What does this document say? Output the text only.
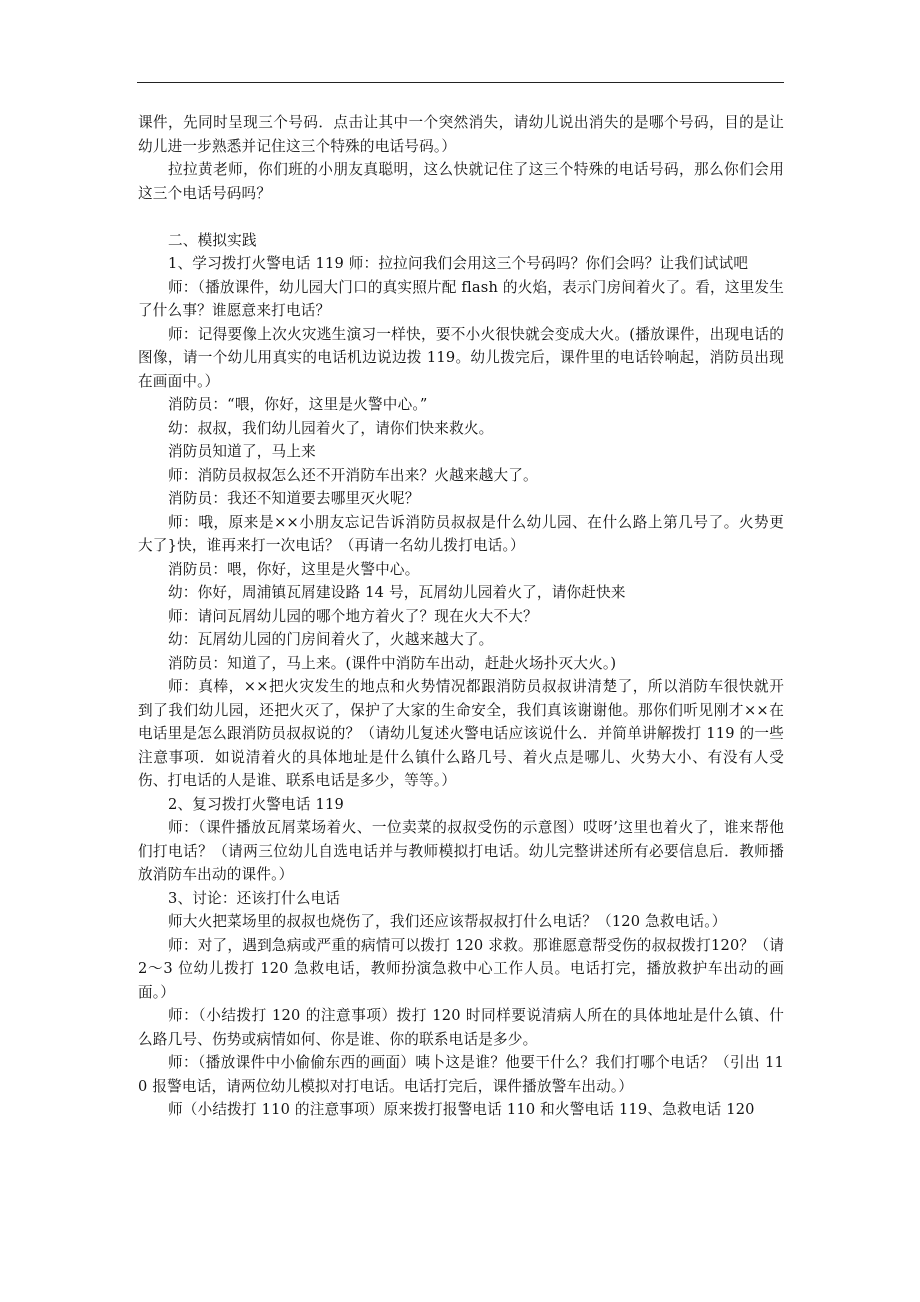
课件，先同时呈现三个号码．点击让其中一个突然消失，请幼儿说出消失的是哪个号码，目的是让幼儿进一步熟悉并记住这三个特殊的电话号码。）

拉拉黄老师，你们班的小朋友真聪明，这么快就记住了这三个特殊的电话号码，那么你们会用这三个电话号码吗？

二、模拟实践

1、学习拨打火警电话 119 师：拉拉问我们会用这三个号码吗？你们会吗？让我们试试吧

师：（播放课件，幼儿园大门口的真实照片配 flash 的火焰，表示门房间着火了。看，这里发生了什么事？谁愿意来打电话？

师：记得要像上次火灾逃生演习一样快，要不小火很快就会变成大火。(播放课件，出现电话的图像，请一个幼儿用真实的电话机边说边拨 119。幼儿拨完后，课件里的电话铃响起，消防员出现在画面中。）

消防员：“喂，你好，这里是火警中心。”

幼：叔叔，我们幼儿园着火了，请你们快来救火。

消防员知道了，马上来

师：消防员叔叔怎么还不开消防车出来？火越来越大了。

消防员：我还不知道要去哪里灭火呢？

师：哦，原来是××小朋友忘记告诉消防员叔叔是什么幼儿园、在什么路上第几号了。火势更大了}快，谁再来打一次电话？（再请一名幼儿拨打电话。）

消防员：喂，你好，这里是火警中心。

幼：你好，周浦镇瓦屑建设路 14 号，瓦屑幼儿园着火了，请你赶快来

师：请问瓦屑幼儿园的哪个地方着火了？现在火大不大？

幼：瓦屑幼儿园的门房间着火了，火越来越大了。

消防员：知道了，马上来。(课件中消防车出动，赶赴火场扑灭大火。)

师：真棒，××把火灾发生的地点和火势情况都跟消防员叔叔讲清楚了，所以消防车很快就开到了我们幼儿园，还把火灭了，保护了大家的生命安全，我们真该谢谢他。那你们听见刚才××在电话里是怎么跟消防员叔叔说的？（请幼儿复述火警电话应该说什么．并简单讲解拨打 119 的一些注意事项．如说清着火的具体地址是什么镇什么路几号、着火点是哪儿、火势大小、有没有人受伤、打电话的人是谁、联系电话是多少，等等。）

2、复习拨打火警电话 119

师：（课件播放瓦屑菜场着火、一位卖菜的叔叔受伤的示意图）哎呀’这里也着火了，谁来帮他们打电话？（请两三位幼儿自选电话并与教师模拟打电话。幼儿完整讲述所有必要信息后．教师播放消防车出动的课件。）

3、讨论：还该打什么电话

师大火把菜场里的叔叔也烧伤了，我们还应该帮叔叔打什么电话？（120 急救电话。）

师：对了，遇到急病或严重的病情可以拨打 120 求救。那谁愿意帮受伤的叔叔拨打120？（请 2～3 位幼儿拨打 120 急救电话，教师扮演急救中心工作人员。电话打完，播放救护车出动的画面。）

师：（小结拨打 120 的注意事项）拨打 120 时同样要说清病人所在的具体地址是什么镇、什么路几号、伤势或病情如何、你是谁、你的联系电话是多少。

师：（播放课件中小偷偷东西的画面）咦卜这是谁？他要干什么？我们打哪个电话？（引出 110 报警电话，请两位幼儿模拟对打电话。电话打完后，课件播放警车出动。）

师（小结拨打 110 的注意事项）原来拨打报警电话 110 和火警电话 119、急救电话 120
